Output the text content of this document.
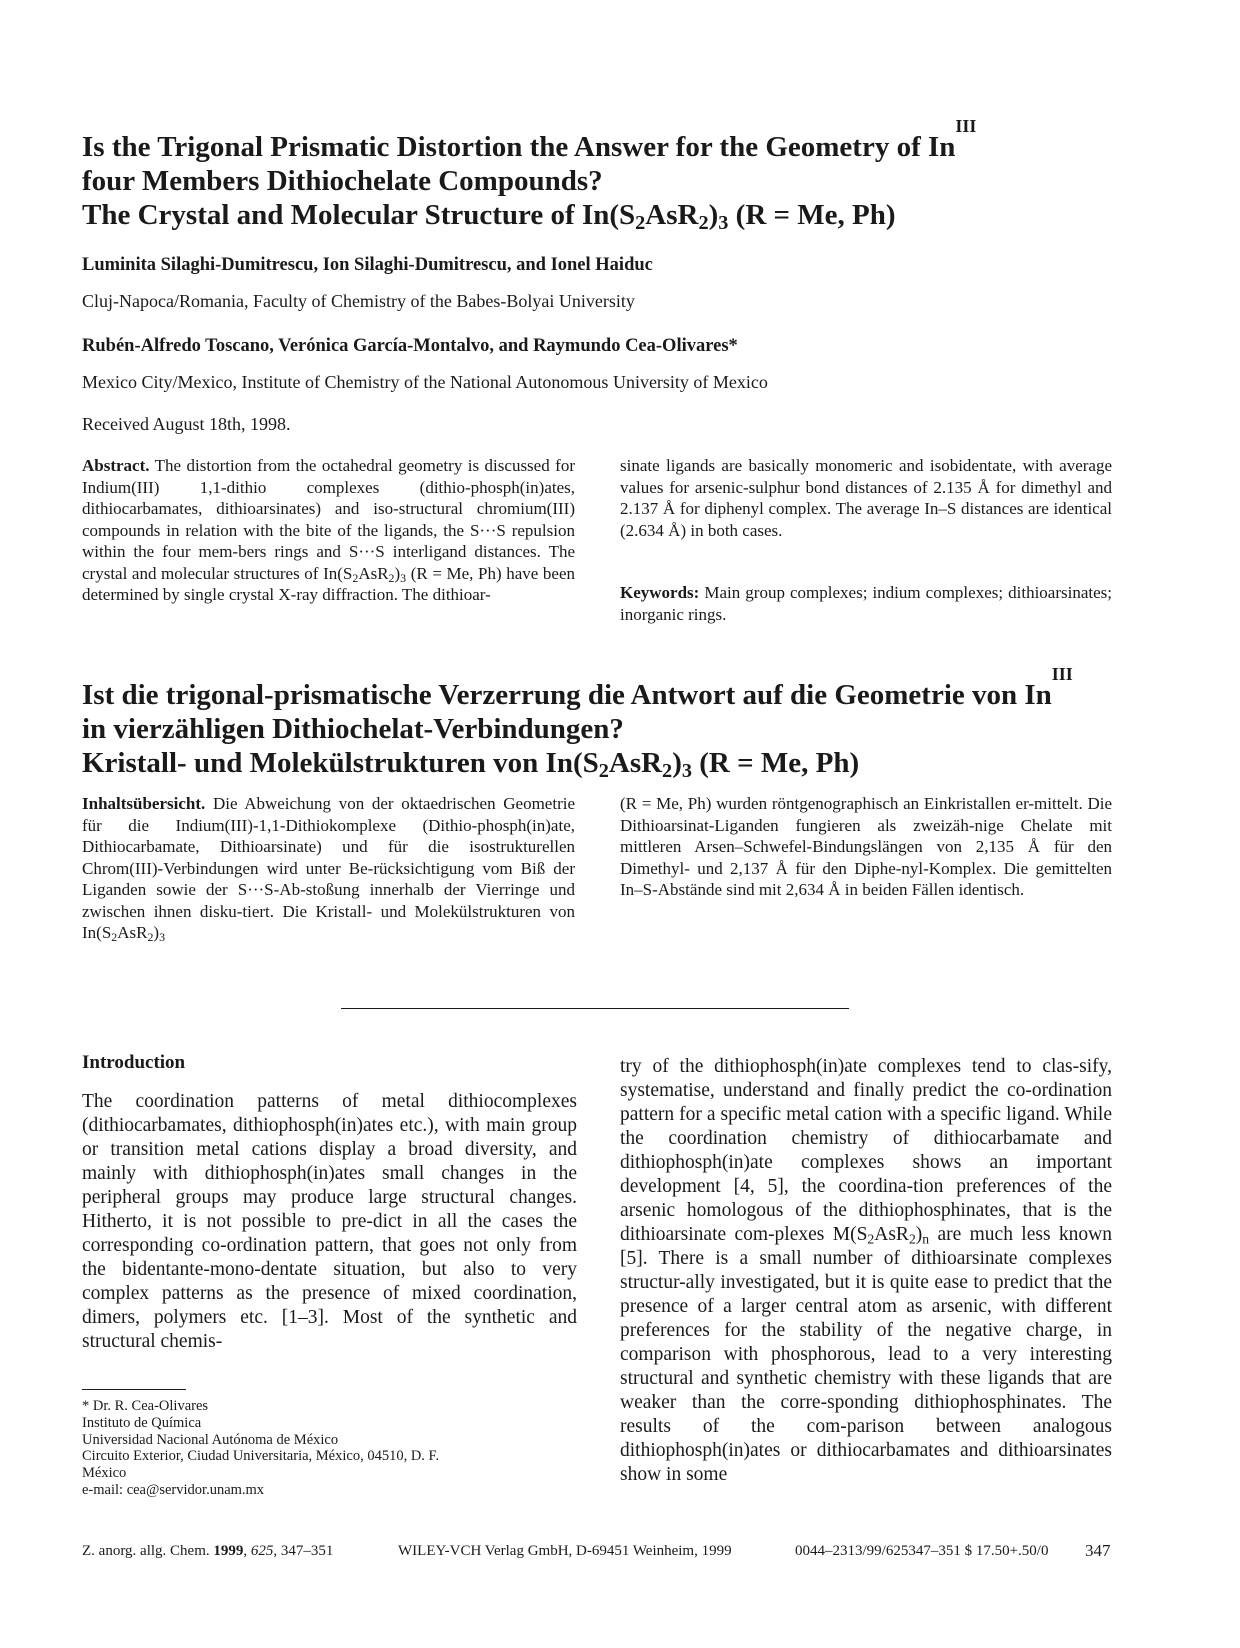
Is the Trigonal Prismatic Distortion the Answer for the Geometry of $In^{III}$
four Members Dithiochelate Compounds?
The Crystal and Molecular Structure of $In(S_2AsR_2)_3$ (R = Me, Ph)
Luminita Silaghi-Dumitrescu, Ion Silaghi-Dumitrescu, and Ionel Haiduc
Cluj-Napoca/Romania, Faculty of Chemistry of the Babes-Bolyai University
Rubén-Alfredo Toscano, Verónica García-Montalvo, and Raymundo Cea-Olivares*
Mexico City/Mexico, Institute of Chemistry of the National Autonomous University of Mexico
Received August 18th, 1998.
Abstract. The distortion from the octahedral geometry is discussed for Indium(III) 1,1-dithio complexes (dithio-phosph(in)ates, dithiocarbamates, dithioarsinates) and iso-structural chromium(III) compounds in relation with the bite of the ligands, the S···S repulsion within the four mem-bers rings and S···S interligand distances. The crystal and molecular structures of $In(S_2AsR_2)_3$ (R = Me, Ph) have been determined by single crystal X-ray diffraction. The dithioar-
sinate ligands are basically monomeric and isobidentate, with average values for arsenic-sulphur bond distances of 2.135 Å for dimethyl and 2.137 Å for diphenyl complex. The average In–S distances are identical (2.634 Å) in both cases.
Keywords: Main group complexes; indium complexes; dithioarsinates; inorganic rings.
Ist die trigonal-prismatische Verzerrung die Antwort auf die Geometrie von $In^{III}$
in vierzähligen Dithiochelat-Verbindungen?
Kristall- und Molekülstrukturen von $In(S_2AsR_2)_3$ (R = Me, Ph)
Inhaltsübersicht. Die Abweichung von der oktaedrischen Geometrie für die Indium(III)-1,1-Dithiokomplexe (Dithio-phosph(in)ate, Dithiocarbamate, Dithioarsinate) und für die isostrukturellen Chrom(III)-Verbindungen wird unter Be-rücksichtigung vom Biß der Liganden sowie der S···S-Ab-stoßung innerhalb der Vierringe und zwischen ihnen disku-tiert. Die Kristall- und Molekülstrukturen von $In(S_2AsR_2)_3$
(R = Me, Ph) wurden röntgenographisch an Einkristallen er-mittelt. Die Dithioarsinat-Liganden fungieren als zweizäh-nige Chelate mit mittleren Arsen–Schwefel-Bindungslängen von 2,135 Å für den Dimethyl- und 2,137 Å für den Diphe-nyl-Komplex. Die gemittelten In–S-Abstände sind mit 2,634 Å in beiden Fällen identisch.
Introduction
The coordination patterns of metal dithiocomplexes (dithiocarbamates, dithiophosph(in)ates etc.), with main group or transition metal cations display a broad diversity, and mainly with dithiophosph(in)ates small changes in the peripheral groups may produce large structural changes. Hitherto, it is not possible to pre-dict in all the cases the corresponding co-ordination pattern, that goes not only from the bidentante-mono-dentate situation, but also to very complex patterns as the presence of mixed coordination, dimers, polymers etc. [1–3]. Most of the synthetic and structural chemis-
try of the dithiophosph(in)ate complexes tend to clas-sify, systematise, understand and finally predict the co-ordination pattern for a specific metal cation with a specific ligand. While the coordination chemistry of dithiocarbamate and dithiophosph(in)ate complexes shows an important development [4, 5], the coordina-tion preferences of the arsenic homologous of the dithiophosphinates, that is the dithioarsinate com-plexes $M(S_2AsR_2)_n$ are much less known [5]. There is a small number of dithioarsinate complexes structur-ally investigated, but it is quite ease to predict that the presence of a larger central atom as arsenic, with different preferences for the stability of the negative charge, in comparison with phosphorous, lead to a very interesting structural and synthetic chemistry with these ligands that are weaker than the corre-sponding dithiophosphinates. The results of the com-parison between analogous dithiophosph(in)ates or dithiocarbamates and dithioarsinates show in some
* Dr. R. Cea-Olivares
Instituto de Química
Universidad Nacional Autónoma de México
Circuito Exterior, Ciudad Universitaria, México, 04510, D. F.
México
e-mail: cea@servidor.unam.mx
Z. anorg. allg. Chem. 1999, 625, 347–351	WILEY-VCH Verlag GmbH, D-69451 Weinheim, 1999	0044–2313/99/625347–351 $ 17.50+.50/0 347
